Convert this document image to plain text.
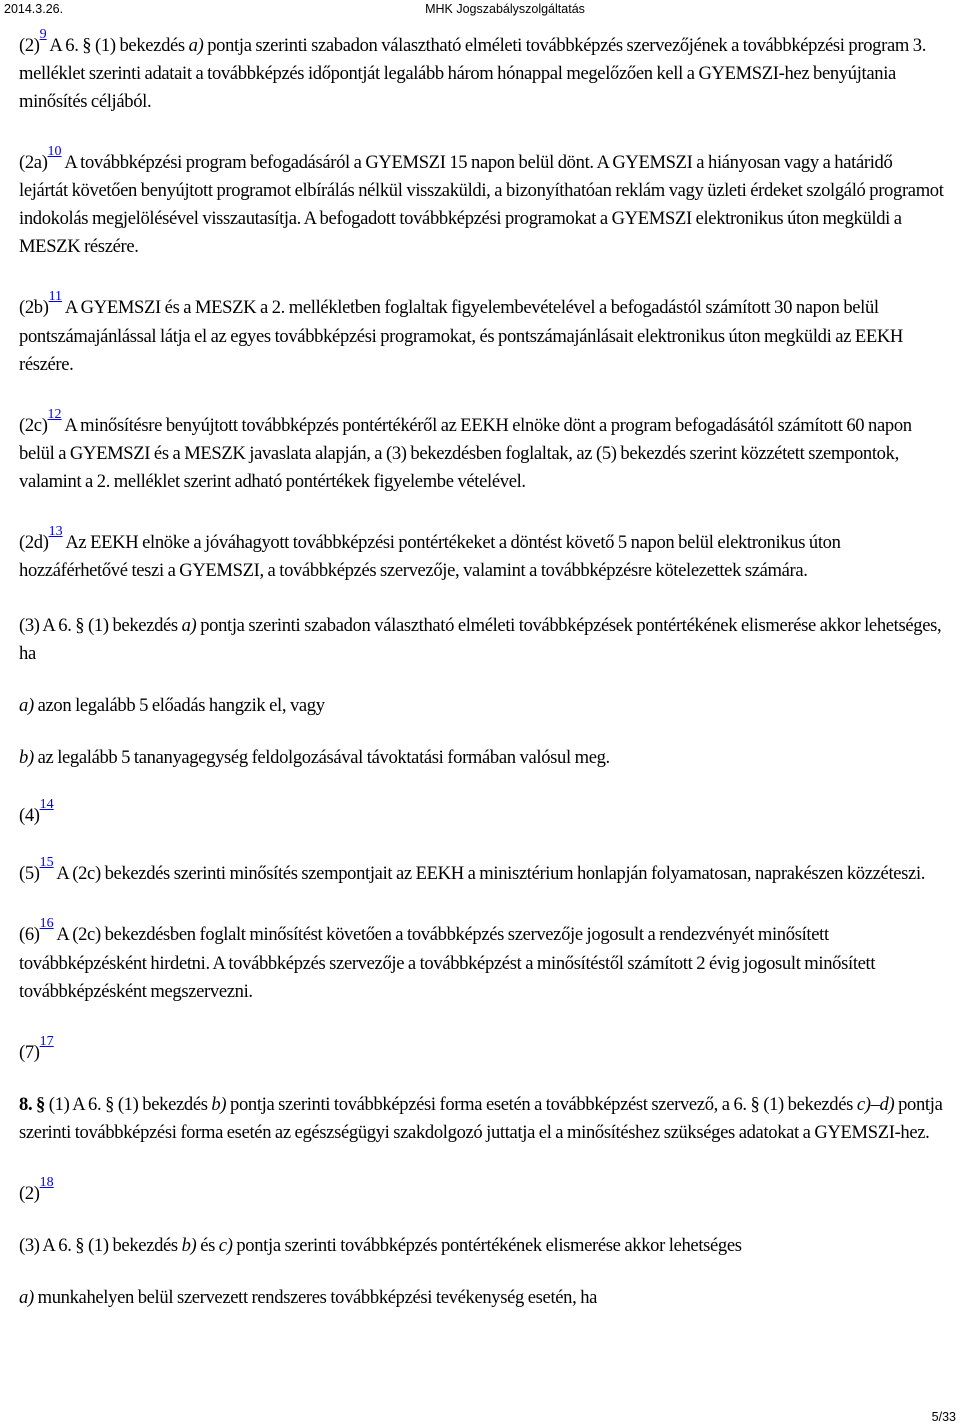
2014.3.26.	MHK Jogszabályszolgáltatás

(2)$^9$ A 6. § (1) bekezdés a) pontja szerinti szabadon választható elméleti továbbképzés szervezőjének a továbbképzési program 3. melléklet szerinti adatait a továbbképzés időpontját legalább három hónappal megelőzően kell a GYEMSZI-hez benyújtania minősítés céljából.

(2a)$^{10}$ A továbbképzési program befogadásáról a GYEMSZI 15 napon belül dönt. A GYEMSZI a hiányosan vagy a határidő lejártát követően benyújtott programot elbírálás nélkül visszaküldi, a bizonyíthatóan reklám vagy üzleti érdeket szolgáló programot indokolás megjelölésével visszautasítja. A befogadott továbbképzési programokat a GYEMSZI elektronikus úton megküldi a MESZK részére.

(2b)$^{11}$ A GYEMSZI és a MESZK a 2. mellékletben foglaltak figyelembevételével a befogadástól számított 30 napon belül pontszámajánlással látja el az egyes továbbképzési programokat, és pontszámajánlásait elektronikus úton megküldi az EEKH részére.

(2c)$^{12}$ A minősítésre benyújtott továbbképzés pontértékéről az EEKH elnöke dönt a program befogadásától számított 60 napon belül a GYEMSZI és a MESZK javaslata alapján, a (3) bekezdésben foglaltak, az (5) bekezdés szerint közzétett szempontok, valamint a 2. melléklet szerint adható pontértékek figyelembe vételével.

(2d)$^{13}$ Az EEKH elnöke a jóváhagyott továbbképzési pontértékeket a döntést követő 5 napon belül elektronikus úton hozzáférhetővé teszi a GYEMSZI, a továbbképzés szervezője, valamint a továbbképzésre kötelezettek számára.

(3) A 6. § (1) bekezdés a) pontja szerinti szabadon választható elméleti továbbképzések pontértékének elismerése akkor lehetséges, ha

a) azon legalább 5 előadás hangzik el, vagy

b) az legalább 5 tananyagegység feldolgozásával távoktatási formában valósul meg.

(4)$^{14}$

(5)$^{15}$ A (2c) bekezdés szerinti minősítés szempontjait az EEKH a minisztérium honlapján folyamatosan, naprakészen közzéteszi.

(6)$^{16}$ A (2c) bekezdésben foglalt minősítést követően a továbbképzés szervezője jogosult a rendezvényét minősített továbbképzésként hirdetni. A továbbképzés szervezője a továbbképzést a minősítéstől számított 2 évig jogosult minősített továbbképzésként megszervezni.

(7)$^{17}$

8. § (1) A 6. § (1) bekezdés b) pontja szerinti továbbképzési forma esetén a továbbképzést szervező, a 6. § (1) bekezdés c)–d) pontja szerinti továbbképzési forma esetén az egészségügyi szakdolgozó juttatja el a minősítéshez szükséges adatokat a GYEMSZI-hez.

(2)$^{18}$

(3) A 6. § (1) bekezdés b) és c) pontja szerinti továbbképzés pontértékének elismerése akkor lehetséges

a) munkahelyen belül szervezett rendszeres továbbképzési tevékenység esetén, ha

5/33
